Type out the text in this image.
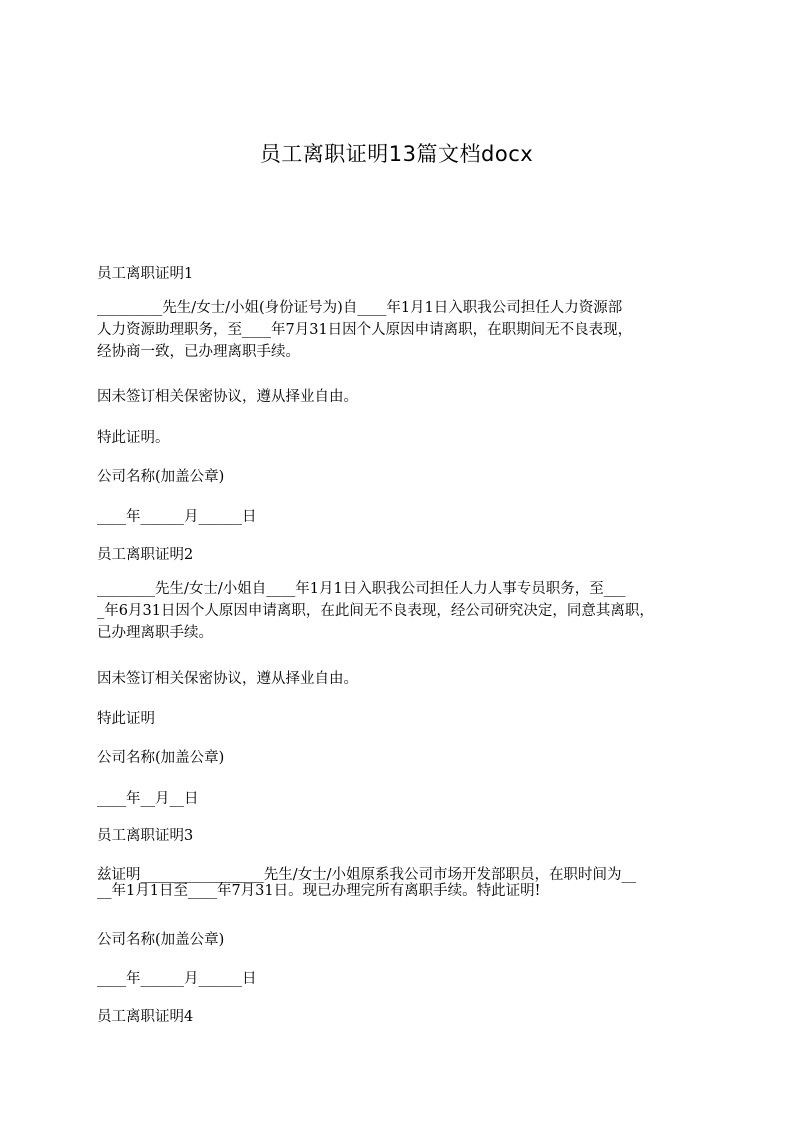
员工离职证明13篇文档docx
员工离职证明1
_________先生/女士/小姐(身份证号为)自____年1月1日入职我公司担任人力资源部
人力资源助理职务，至____年7月31日因个人原因申请离职，在职期间无不良表现，
经协商一致，已办理离职手续。
因未签订相关保密协议，遵从择业自由。
特此证明。
公司名称(加盖公章)
____年______月______日
员工离职证明2
________先生/女士/小姐自____年1月1日入职我公司担任人力人事专员职务，至___
_年6月31日因个人原因申请离职，在此间无不良表现，经公司研究决定，同意其离职，
已办理离职手续。
因未签订相关保密协议，遵从择业自由。
特此证明
公司名称(加盖公章)
____年__月__日
员工离职证明3
兹证明_________________先生/女士/小姐原系我公司市场开发部职员，在职时间为__
__年1月1日至____年7月31日。现已办理完所有离职手续。特此证明!
公司名称(加盖公章)
____年______月______日
员工离职证明4
